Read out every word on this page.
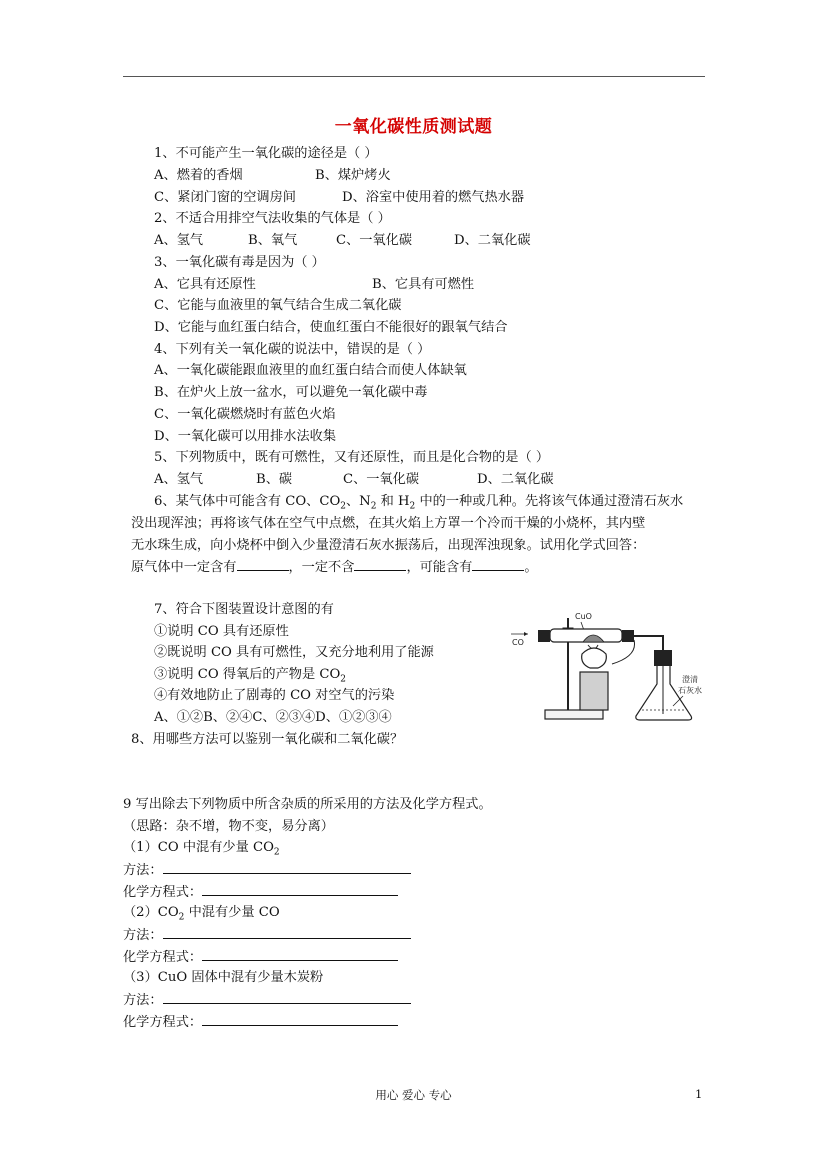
一氧化碳性质测试题
1、不可能产生一氧化碳的途径是（ ）
A、燃着的香烟	B、煤炉烤火
C、紧闭门窗的空调房间	D、浴室中使用着的燃气热水器
2、不适合用排空气法收集的气体是（ ）
A、氢气	B、氧气	C、一氧化碳	D、二氧化碳
3、一氧化碳有毒是因为（ ）
A、它具有还原性	B、它具有可燃性
C、它能与血液里的氧气结合生成二氧化碳
D、它能与血红蛋白结合，使血红蛋白不能很好的跟氧气结合
4、下列有关一氧化碳的说法中，错误的是（ ）
A、一氧化碳能跟血液里的血红蛋白结合而使人体缺氧
B、在炉火上放一盆水，可以避免一氧化碳中毒
C、一氧化碳燃烧时有蓝色火焰
D、一氧化碳可以用排水法收集
5、下列物质中，既有可燃性，又有还原性，而且是化合物的是（ ）
A、氢气	B、碳	C、一氧化碳	D、二氧化碳
6、某气体中可能含有 CO、$CO_2$、$N_2$ 和 $H_2$ 中的一种或几种。先将该气体通过澄清石灰水
没出现浑浊；再将该气体在空气中点燃，在其火焰上方罩一个冷而干燥的小烧杯，其内壁
无水珠生成，向小烧杯中倒入少量澄清石灰水振荡后，出现浑浊现象。试用化学式回答：
原气体中一定含有	，一定不含	，可能含有	。
7、符合下图装置设计意图的有
①说明 CO 具有还原性
②既说明 CO 具有可燃性，又充分地利用了能源
③说明 CO 得氧后的产物是 $CO_2$
④有效地防止了剧毒的 CO 对空气的污染
A、①②B、②④C、②③④D、①②③④
CuO
CO
澄清
石灰水
8、用哪些方法可以鉴别一氧化碳和二氧化碳？
9 写出除去下列物质中所含杂质的所采用的方法及化学方程式。
（思路：杂不增，物不变，易分离）
（1）CO 中混有少量 $CO_2$
方法：
化学方程式：
$(2)CO_2$ 中混有少量 CO
方法：
化学方程式：
（3）CuO 固体中混有少量木炭粉
方法：
化学方程式：
用心 爱心 专心	1
